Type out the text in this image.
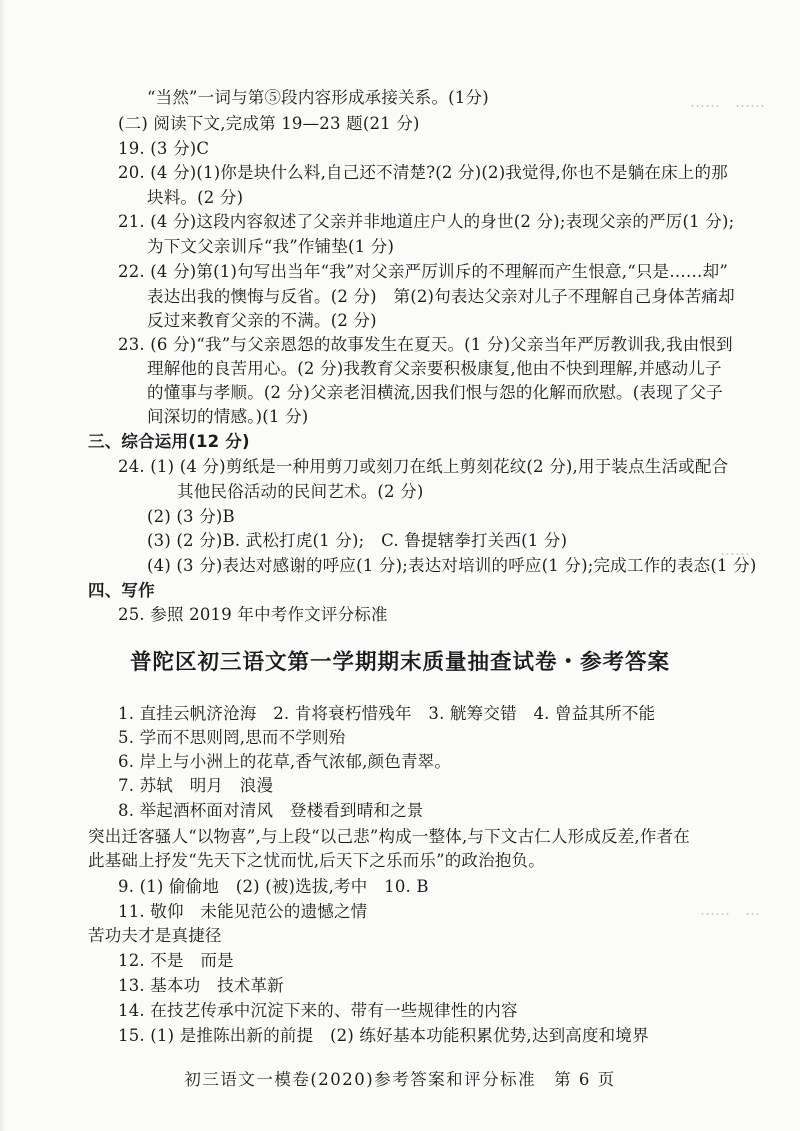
……　……
……
……　…
“当然”一词与第⑤段内容形成承接关系。(1分)
(二) 阅读下文,完成第 19—23 题(21 分)
19. (3 分)C
20. (4 分)(1)你是块什么料,自己还不清楚?(2 分)(2)我觉得,你也不是躺在床上的那
块料。(2 分)
21. (4 分)这段内容叙述了父亲并非地道庄户人的身世(2 分);表现父亲的严厉(1 分);
为下文父亲训斥“我”作铺垫(1 分)
22. (4 分)第(1)句写出当年“我”对父亲严厉训斥的不理解而产生恨意,“只是……却”
表达出我的懊悔与反省。(2 分)　第(2)句表达父亲对儿子不理解自己身体苦痛却
反过来教育父亲的不满。(2 分)
23. (6 分)“我”与父亲恩怨的故事发生在夏天。(1 分)父亲当年严厉教训我,我由恨到
理解他的良苦用心。(2 分)我教育父亲要积极康复,他由不快到理解,并感动儿子
的懂事与孝顺。(2 分)父亲老泪横流,因我们恨与怨的化解而欣慰。(表现了父子
间深切的情感。)(1 分)
三、综合运用(12 分)
24. (1) (4 分)剪纸是一种用剪刀或刻刀在纸上剪刻花纹(2 分),用于装点生活或配合
其他民俗活动的民间艺术。(2 分)
(2) (3 分)B
(3) (2 分)B. 武松打虎(1 分);　C. 鲁提辖拳打关西(1 分)
(4) (3 分)表达对感谢的呼应(1 分);表达对培训的呼应(1 分);完成工作的表态(1 分)
四、写作
25. 参照 2019 年中考作文评分标准
普陀区初三语文第一学期期末质量抽查试卷・参考答案
1. 直挂云帆济沧海　2. 肯将衰朽惜残年　3. 觥筹交错　4. 曾益其所不能
5. 学而不思则罔,思而不学则殆
6. 岸上与小洲上的花草,香气浓郁,颜色青翠。
7. 苏轼　明月　浪漫
8. 举起酒杯面对清风　登楼看到晴和之景
突出迁客骚人“以物喜”,与上段“以己悲”构成一整体,与下文古仁人形成反差,作者在
此基础上抒发“先天下之忧而忧,后天下之乐而乐”的政治抱负。
9. (1) 偷偷地　(2) (被)选拔,考中　10. B
11. 敬仰　未能见范公的遗憾之情
苦功夫才是真捷径
12. 不是　而是
13. 基本功　技术革新
14. 在技艺传承中沉淀下来的、带有一些规律性的内容
15. (1) 是推陈出新的前提　(2) 练好基本功能积累优势,达到高度和境界
初三语文一模卷(2020)参考答案和评分标准　第 6 页
